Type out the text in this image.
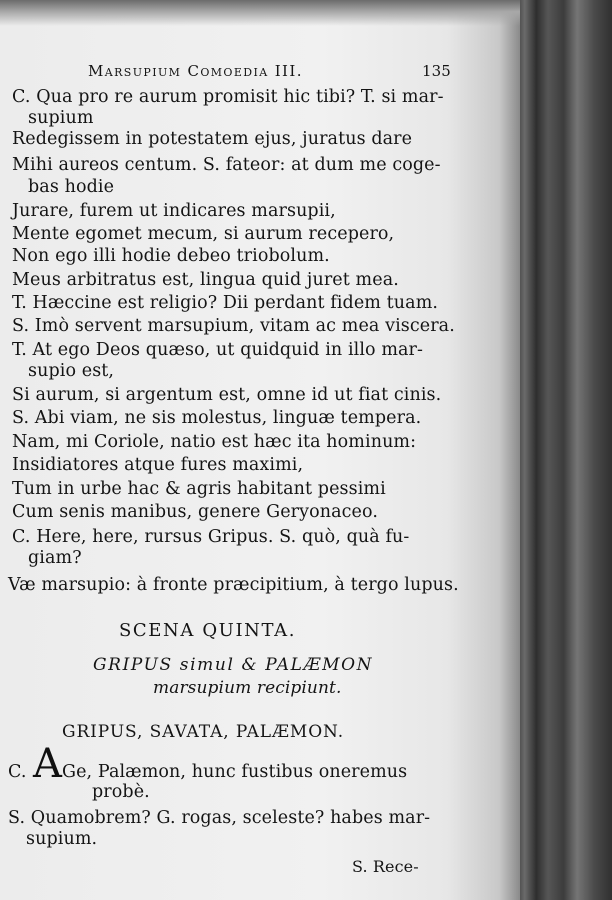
Marsupium Comoedia III.	135
C. Qua pro re aurum promisit hic tibi? T. si mar-
supium
Redegissem in potestatem ejus, juratus dare
Mihi aureos centum. S. fateor: at dum me coge-
bas hodie
Jurare, furem ut indicares marsupii,
Mente egomet mecum, si aurum recepero,
Non ego illi hodie debeo triobolum.
Meus arbitratus est, lingua quid juret mea.
T. Hæccine est religio? Dii perdant fidem tuam.
S. Imò servent marsupium, vitam ac mea viscera.
T. At ego Deos quæso, ut quidquid in illo mar-
supio est,
Si aurum, si argentum est, omne id ut fiat cinis.
S. Abi viam, ne sis molestus, linguæ tempera.
Nam, mi Coriole, natio est hæc ita hominum:
Insidiatores atque fures maximi,
Tum in urbe hac & agris habitant pessimi
Cum senis manibus, genere Geryonaceo.
C. Here, here, rursus Gripus. S. quò, quà fu-
giam?
Væ marsupio: à fronte præcipitium, à tergo lupus.
SCENA QUINTA.
GRIPUS simul & PALÆMON
marsupium recipiunt.
GRIPUS, SAVATA, PALÆMON.
C. A Ge, Palæmon, hunc fustibus oneremus
probè.
S. Quamobrem? G. rogas, sceleste? habes mar-
supium.
S. Rece-
